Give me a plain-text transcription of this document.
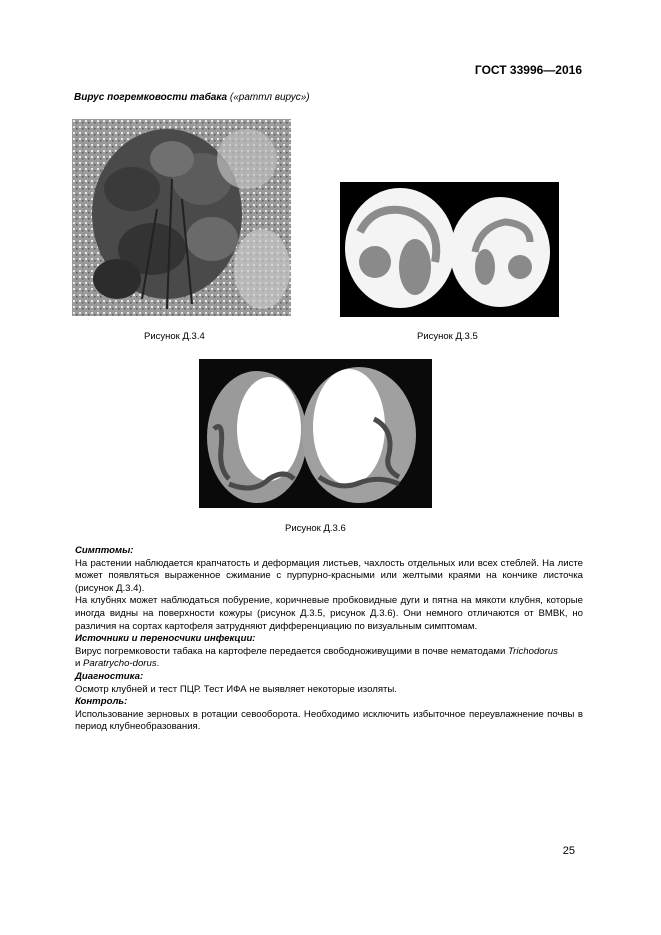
ГОСТ 33996—2016
Вирус погремковости табака («раттл вирус»)
Рисунок Д.3.4	Рисунок Д.3.5
Рисунок Д.3.6

Симптомы:

На растении наблюдается крапчатость и деформация листьев, чахлость отдельных или всех стеблей. На листе может появляться выраженное сжимание с пурпурно-красными или желтыми краями на кончике листочка (рисунок Д.3.4).

На клубнях может наблюдаться побурение, коричневые пробковидные дуги и пятна на мякоти клубня, которые иногда видны на поверхности кожуры (рисунок Д.3.5, рисунок Д.3.6). Они немного отличаются от ВМВК, но различия на сортах картофеля затрудняют дифференциацию по визуальным симптомам.

Источники и переносчики инфекции:

Вирус погремковости табака на картофеле передается свободноживущими в почве нематодами Trichodorus
и Paratrycho-dorus.

Диагностика:

Осмотр клубней и тест ПЦР. Тест ИФА не выявляет некоторые изоляты.

Контроль:

Использование зерновых в ротации севооборота. Необходимо исключить избыточное переувлажнение почвы в период клубнеобразования.

25
